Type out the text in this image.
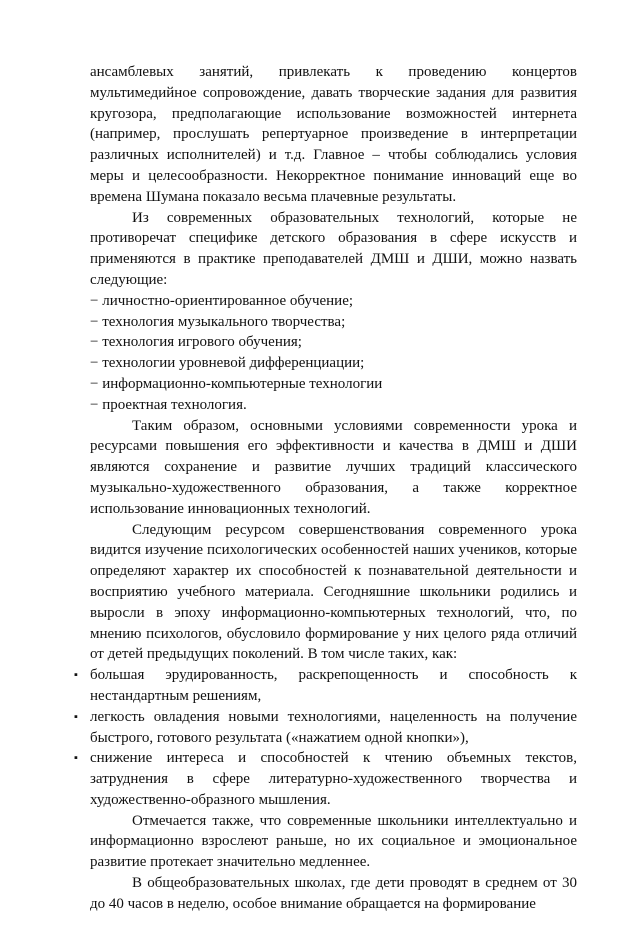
ансамблевых занятий, привлекать к проведению концертов мультимедийное сопровождение, давать творческие задания для развития кругозора, предполагающие использование возможностей интернета (например, прослушать репертуарное произведение в интерпретации различных исполнителей) и т.д. Главное – чтобы соблюдались условия меры и целесообразности. Некорректное понимание инноваций еще во времена Шумана показало весьма плачевные результаты.

Из современных образовательных технологий, которые не противоречат специфике детского образования в сфере искусств и применяются в практике преподавателей ДМШ и ДШИ, можно назвать следующие:

− личностно-ориентированное обучение;
− технология музыкального творчества;
− технология игрового обучения;
− технологии уровневой дифференциации;
− информационно-компьютерные технологии
− проектная технология.

Таким образом, основными условиями современности урока и ресурсами повышения его эффективности и качества в ДМШ и ДШИ являются сохранение и развитие лучших традиций классического музыкально-художественного образования, а также корректное использование инновационных технологий.

Следующим ресурсом совершенствования современного урока видится изучение психологических особенностей наших учеников, которые определяют характер их способностей к познавательной деятельности и восприятию учебного материала. Сегодняшние школьники родились и выросли в эпоху информационно-компьютерных технологий, что, по мнению психологов, обусловило формирование у них целого ряда отличий от детей предыдущих поколений. В том числе таких, как:

▪ большая эрудированность, раскрепощенность и способность к нестандартным решениям,
▪ легкость овладения новыми технологиями, нацеленность на получение быстрого, готового результата («нажатием одной кнопки»),
▪ снижение интереса и способностей к чтению объемных текстов, затруднения в сфере литературно-художественного творчества и художественно-образного мышления.

Отмечается также, что современные школьники интеллектуально и информационно взрослеют раньше, но их социальное и эмоциональное развитие протекает значительно медленнее.

В общеобразовательных школах, где дети проводят в среднем от 30 до 40 часов в неделю, особое внимание обращается на формирование
